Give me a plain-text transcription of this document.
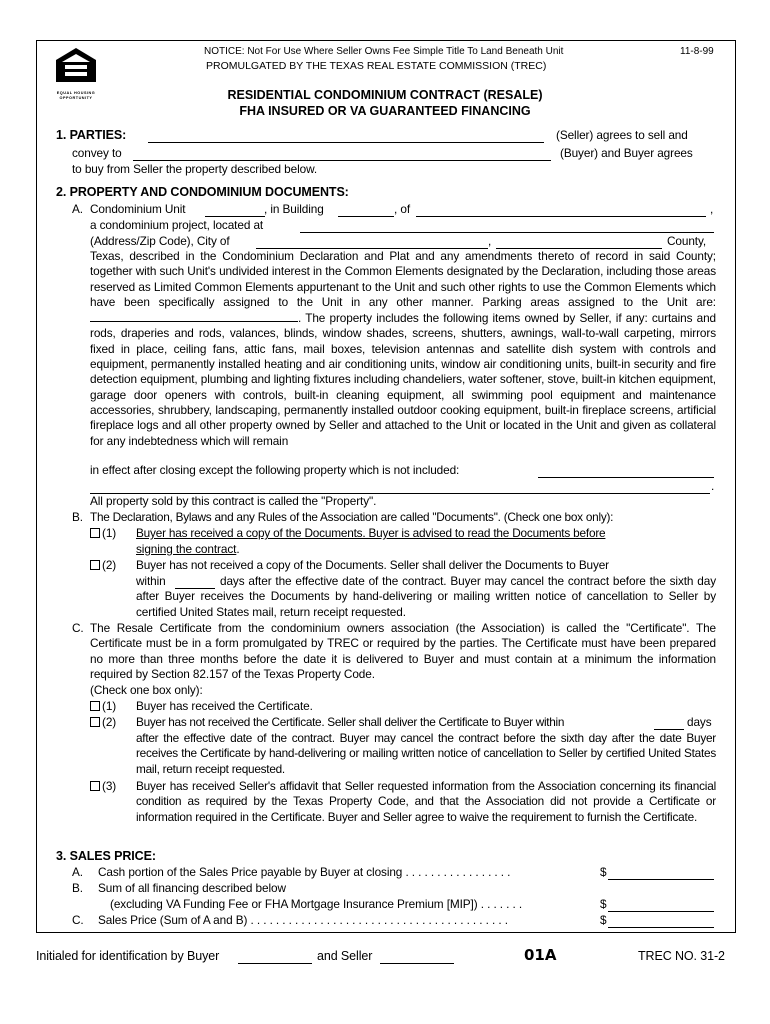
EQUAL HOUSING OPPORTUNITY
NOTICE: Not For Use Where Seller Owns Fee Simple Title To Land Beneath Unit
PROMULGATED BY THE TEXAS REAL ESTATE COMMISSION (TREC)
11-8-99
RESIDENTIAL CONDOMINIUM CONTRACT (RESALE)
FHA INSURED OR VA GUARANTEED FINANCING
1. PARTIES:	(Seller) agrees to sell and
convey to	(Buyer) and Buyer agrees
to buy from Seller the property described below.
2. PROPERTY AND CONDOMINIUM DOCUMENTS:
A. Condominium Unit	, in Building	, of	,
a condominium project, located at
(Address/Zip Code), City of	,	County,
Texas, described in the Condominium Declaration and Plat and any amendments thereto of record in said County; together with such Unit's undivided interest in the Common Elements designated by the Declaration, including those areas reserved as Limited Common Elements appurtenant to the Unit and such other rights to use the Common Elements which have been specifically assigned to the Unit in any other manner. Parking areas assigned to the Unit are: . The property includes the following items owned by Seller, if any: curtains and rods, draperies and rods, valances, blinds, window shades, screens, shutters, awnings, wall-to-wall carpeting, mirrors fixed in place, ceiling fans, attic fans, mail boxes, television antennas and satellite dish system with controls and equipment, permanently installed heating and air conditioning units, window air conditioning units, built-in security and fire detection equipment, plumbing and lighting fixtures including chandeliers, water softener, stove, built-in kitchen equipment, garage door openers with controls, built-in cleaning equipment, all swimming pool equipment and maintenance accessories, shrubbery, landscaping, permanently installed outdoor cooking equipment, built-in fireplace screens, artificial fireplace logs and all other property owned by Seller and attached to the Unit or located in the Unit and given as collateral for any indebtedness which will remain
in effect after closing except the following property which is not included:
.
All property sold by this contract is called the "Property".
B. The Declaration, Bylaws and any Rules of the Association are called "Documents". (Check one box only):
(1) Buyer has received a copy of the Documents. Buyer is advised to read the Documents before
signing the contract.
(2) Buyer has not received a copy of the Documents. Seller shall deliver the Documents to Buyer
within	days after the effective date of the contract. Buyer may cancel the contract before the sixth day after Buyer receives the Documents by hand-delivering or mailing written notice of cancellation to Seller by certified United States mail, return receipt requested.
C. The Resale Certificate from the condominium owners association (the Association) is called the "Certificate". The Certificate must be in a form promulgated by TREC or required by the parties. The Certificate must have been prepared no more than three months before the date it is delivered to Buyer and must contain at a minimum the information required by Section 82.157 of the Texas Property Code.
(Check one box only):
(1) Buyer has received the Certificate.
(2) Buyer has not received the Certificate. Seller shall deliver the Certificate to Buyer within	days
after the effective date of the contract. Buyer may cancel the contract before the sixth day after the date Buyer receives the Certificate by hand-delivering or mailing written notice of cancellation to Seller by certified United States mail, return receipt requested.
(3) Buyer has received Seller's affidavit that Seller requested information from the Association concerning its financial condition as required by the Texas Property Code, and that the Association did not provide a Certificate or information required in the Certificate. Buyer and Seller agree to waive the requirement to furnish the Certificate.
3. SALES PRICE:
A. Cash portion of the Sales Price payable by Buyer at closing . . . . . . . . . . . . . . . . .	$
B. Sum of all financing described below
(excluding VA Funding Fee or FHA Mortgage Insurance Premium [MIP]) . . . . . . .	$
C. Sales Price (Sum of A and B) . . . . . . . . . . . . . . . . . . . . . . . . . . . . . . . . . . . . . . . . .	$
Initialed for identification by Buyer	and Seller	01A	TREC NO. 31-2
